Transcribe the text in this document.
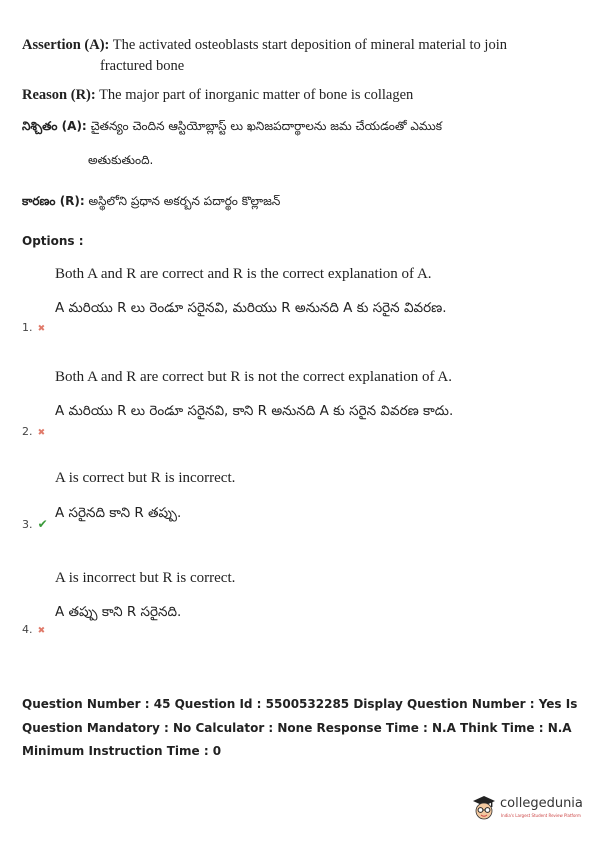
Assertion (A): The activated osteoblasts start deposition of mineral material to join
fractured bone
Reason (R): The major part of inorganic matter of bone is collagen
నిశ్చితం (A): చైతన్యం చెందిన ఆస్టియోబ్లాస్ట్ లు ఖనిజపదార్థాలను జమ చేయడంతో ఎముక
అతుకుతుంది.
కారణం (R): అస్థిలోని ప్రధాన అకర్బన పదార్థం కొల్లాజన్
Options :
Both A and R are correct and R is the correct explanation of A.
A మరియు R లు రెండూ సరైనవి, మరియు R అనునది A కు సరైన వివరణ.
1. ✖
Both A and R are correct but R is not the correct explanation of A.
A మరియు R లు రెండూ సరైనవి, కాని R అనునది A కు సరైన వివరణ కాదు.
2. ✖
A is correct but R is incorrect.
A సరైనది కాని R తప్పు.
3. ✔
A is incorrect but R is correct.
A తప్పు కాని R సరైనది.
4. ✖
Question Number : 45 Question Id : 5500532285 Display Question Number : Yes Is Question Mandatory : No Calculator : None Response Time : N.A Think Time : N.A Minimum Instruction Time : 0
collegedunia
India's Largest Student Review Platform
